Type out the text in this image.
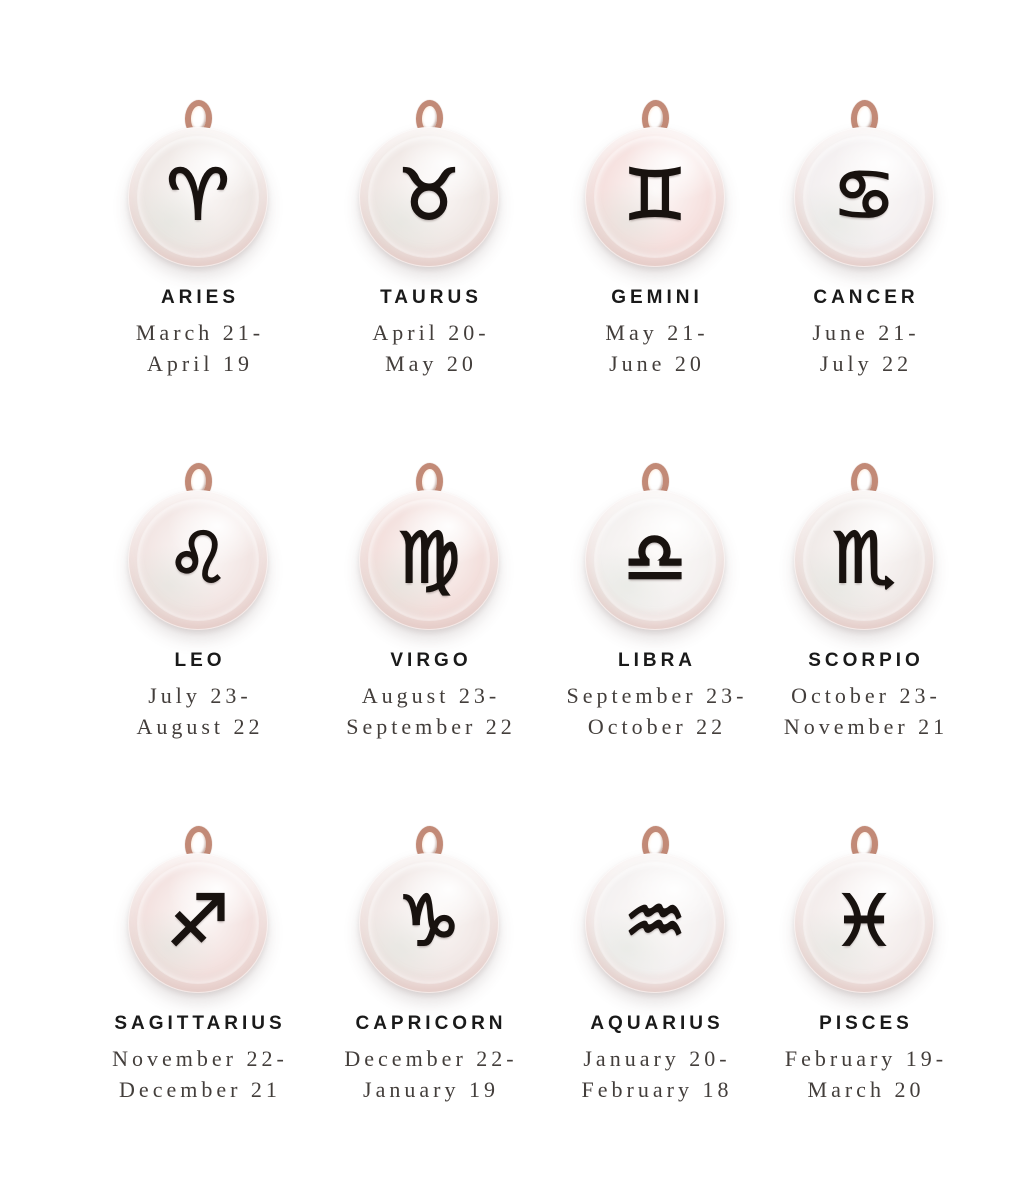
♈
ARIES
March 21-
April 19
♉
TAURUS
April 20-
May 20
♊
GEMINI
May 21-
June 20
♋
CANCER
June 21-
July 22
♌
LEO
July 23-
August 22
♍
VIRGO
August 23-
September 22
♎
LIBRA
September 23-
October 22
♏
SCORPIO
October 23-
November 21
♐
SAGITTARIUS
November 22-
December 21
♑
CAPRICORN
December 22-
January 19
♒
AQUARIUS
January 20-
February 18
♓
PISCES
February 19-
March 20
